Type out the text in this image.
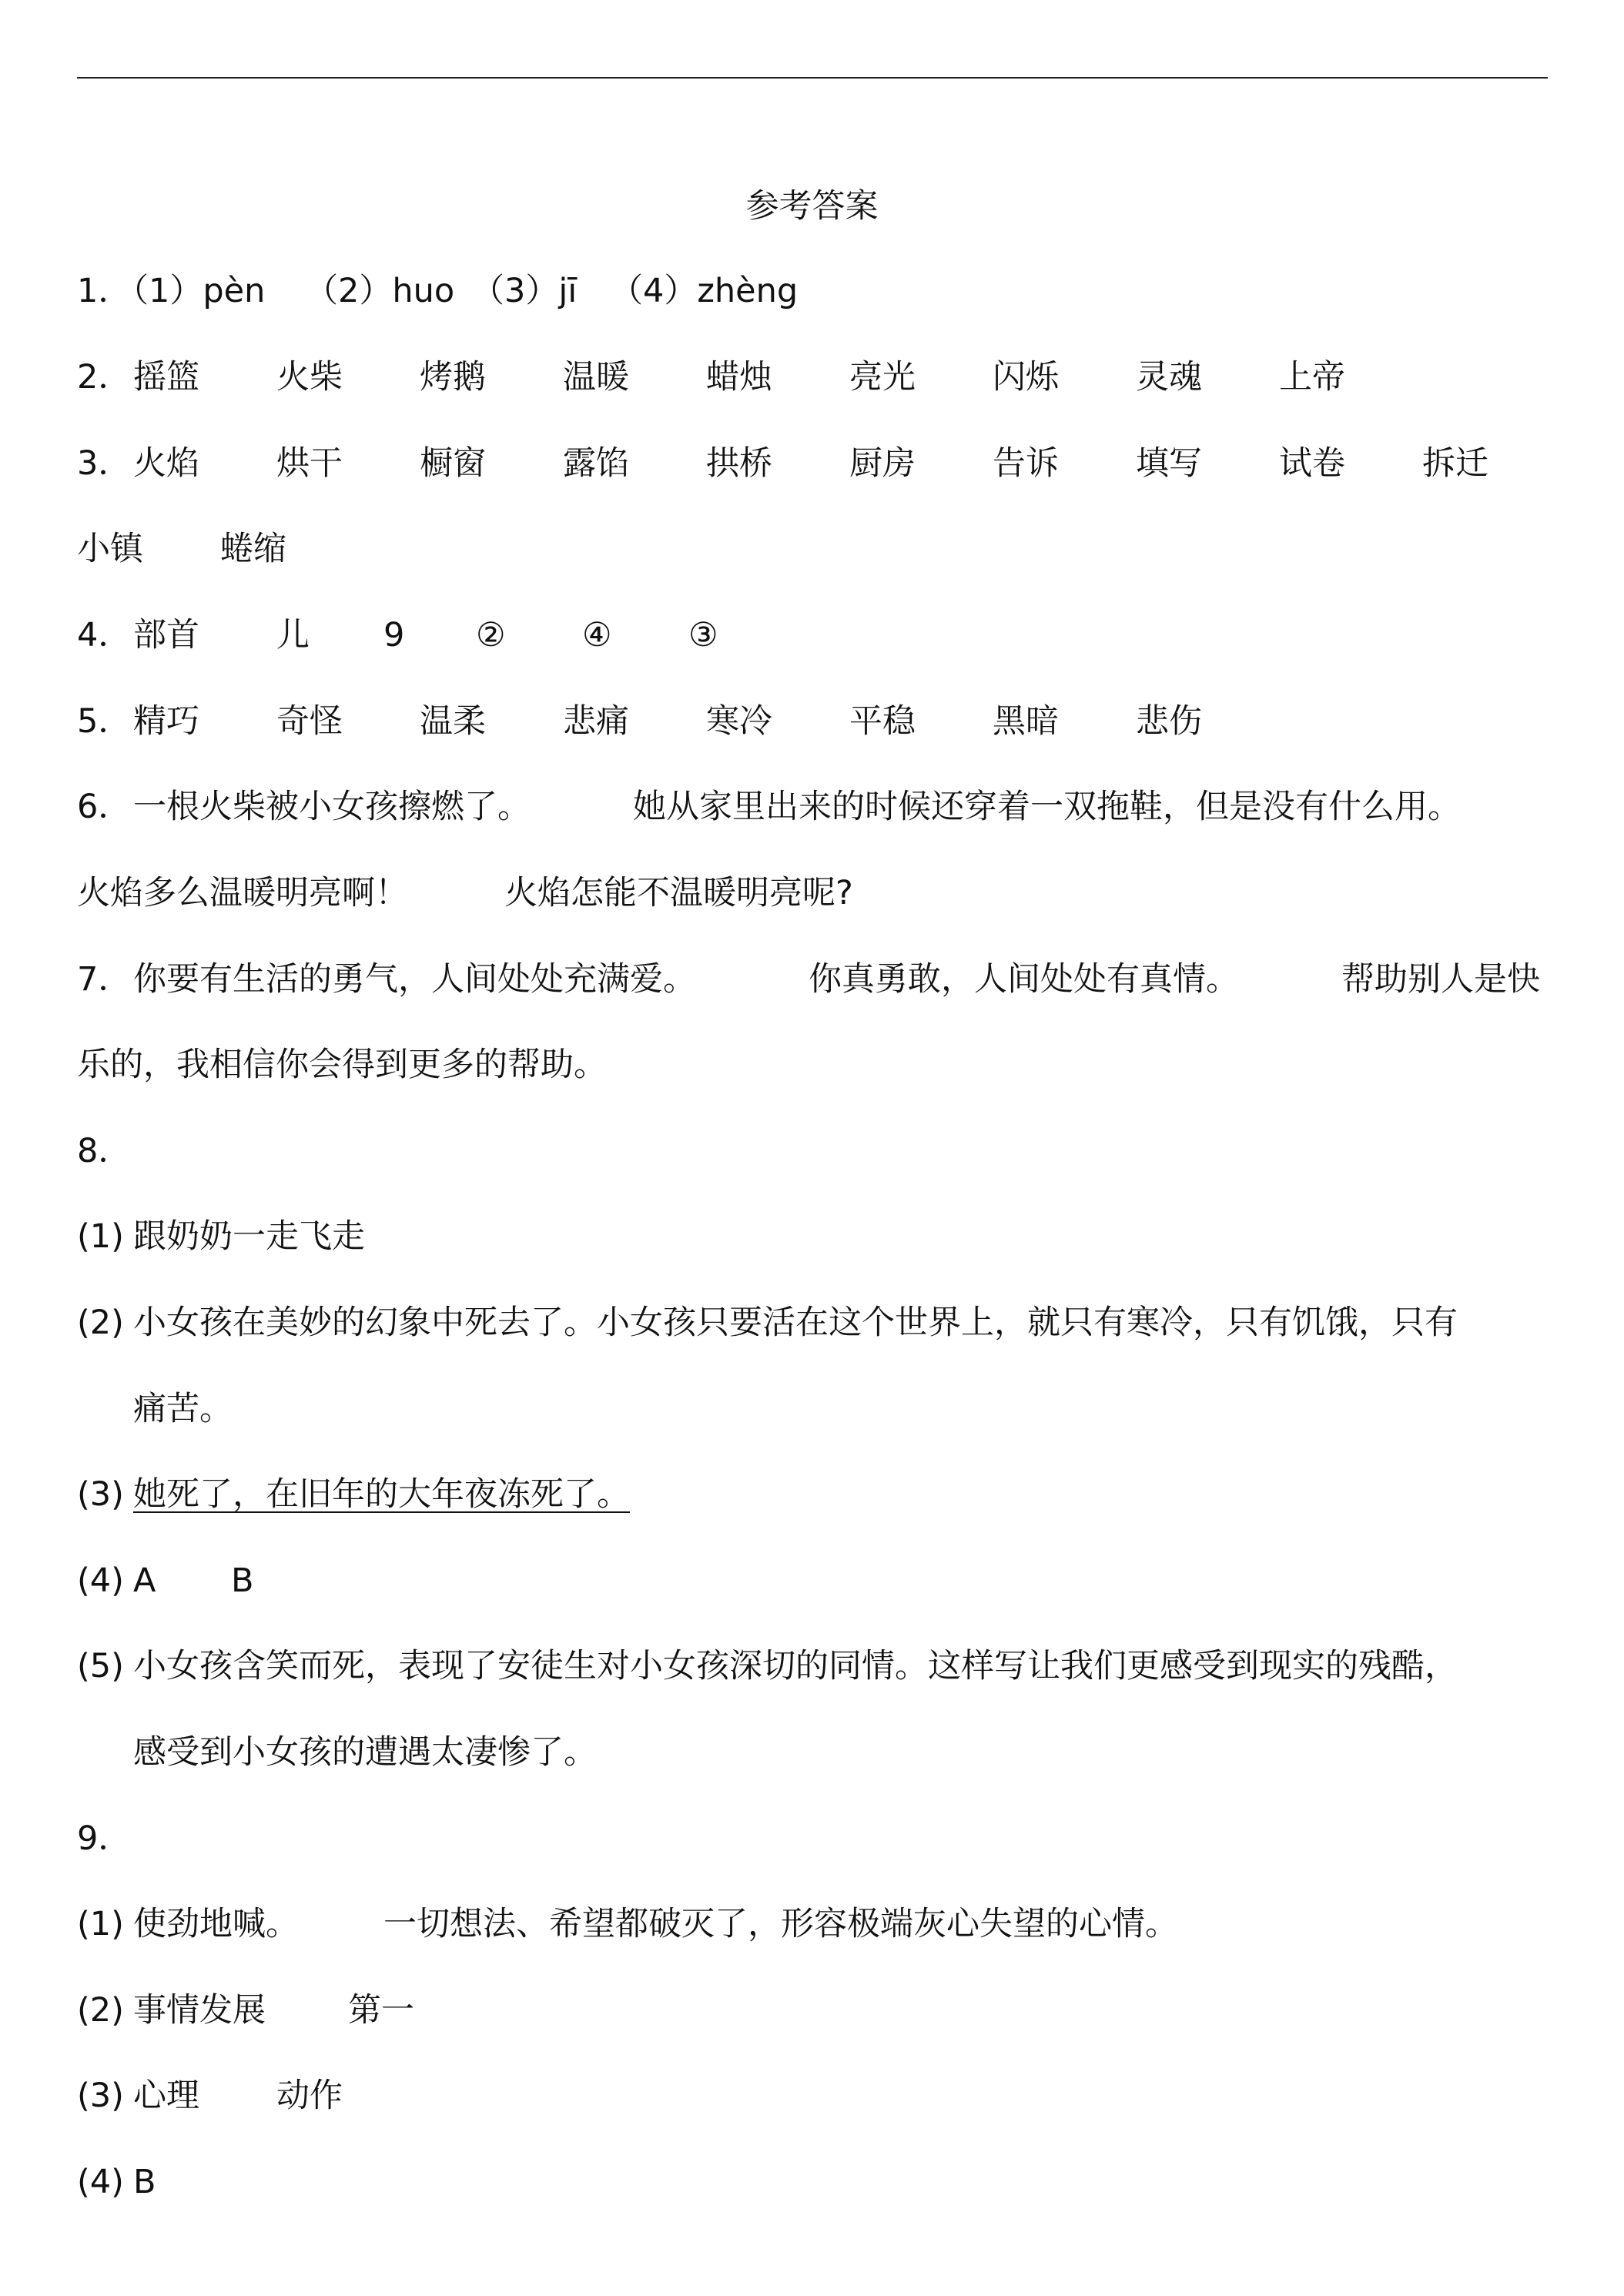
参考答案
1．
（1）pèn （2）huo （3）jī （4）zhèng
2． 摇篮 火柴 烤鹅 温暖 蜡烛 亮光 闪烁 灵魂 上帝
3． 火焰 烘干 橱窗 露馅 拱桥 厨房 告诉 填写 试卷 拆迁
小镇 蜷缩
4． 部首 儿 9 ② ④ ③
5． 精巧 奇怪 温柔 悲痛 寒冷 平稳 黑暗 悲伤
6． 一根火柴被小女孩擦燃了。	她从家里出来的时候还穿着一双拖鞋，但是没有什么用。
火焰多么温暖明亮啊！	火焰怎能不温暖明亮呢?
7． 你要有生活的勇气，人间处处充满爱。	你真勇敢，人间处处有真情。	帮助别人是快
乐的，我相信你会得到更多的帮助。
8．
(1) 跟奶奶一走飞走
(2) 小女孩在美妙的幻象中死去了。小女孩只要活在这个世界上，就只有寒冷，只有饥饿，只有
痛苦。
(3) 她死了，在旧年的大年夜冻死了。
(4) A B
(5) 小女孩含笑而死，表现了安徒生对小女孩深切的同情。这样写让我们更感受到现实的残酷，
感受到小女孩的遭遇太凄惨了。
9．
(1) 使劲地喊。	一切想法、希望都破灭了，形容极端灰心失望的心情。
(2) 事情发展 第一
(3) 心理 动作
(4) B
